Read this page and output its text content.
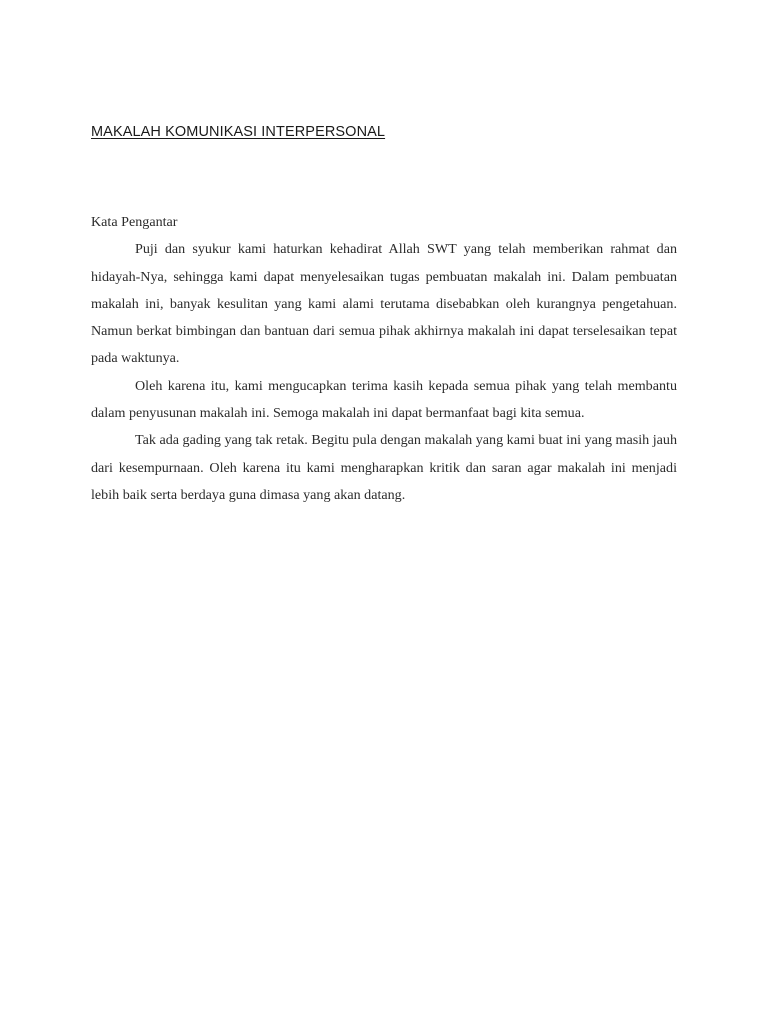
MAKALAH KOMUNIKASI INTERPERSONAL

Kata Pengantar

Puji dan syukur kami haturkan kehadirat Allah SWT yang telah memberikan rahmat dan hidayah-Nya, sehingga kami dapat menyelesaikan tugas pembuatan makalah ini. Dalam pembuatan makalah ini, banyak kesulitan yang kami alami terutama disebabkan oleh kurangnya pengetahuan. Namun berkat bimbingan dan bantuan dari semua pihak akhirnya makalah ini dapat terselesaikan tepat pada waktunya.

Oleh karena itu, kami mengucapkan terima kasih kepada semua pihak yang telah membantu dalam penyusunan makalah ini. Semoga makalah ini dapat bermanfaat bagi kita semua.

Tak ada gading yang tak retak. Begitu pula dengan makalah yang kami buat ini yang masih jauh dari kesempurnaan. Oleh karena itu kami mengharapkan kritik dan saran agar makalah ini menjadi lebih baik serta berdaya guna dimasa yang akan datang.
